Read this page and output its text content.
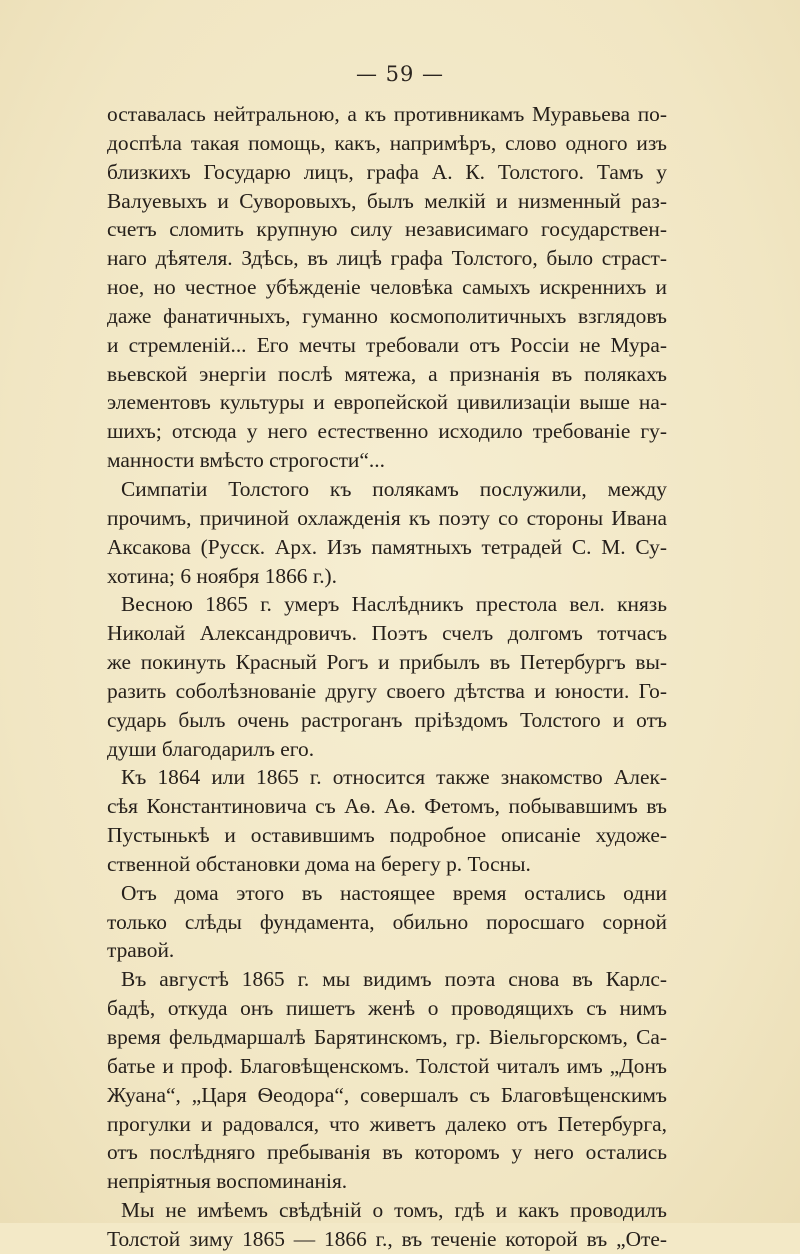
— 59 —
оставалась нейтральною, а къ противникамъ Муравьева по-
доспѣла такая помощь, какъ, напримѣръ, слово одного изъ
близкихъ Государю лицъ, графа А. К. Толстого. Тамъ у
Валуевыхъ и Суворовыхъ, былъ мелкій и низменный раз-
счетъ сломить крупную силу независимаго государствен-
наго дѣятеля. Здѣсь, въ лицѣ графа Толстого, было страст-
ное, но честное убѣжденіе человѣка самыхъ искреннихъ и
даже фанатичныхъ, гуманно космополитичныхъ взглядовъ
и стремленій... Его мечты требовали отъ Россіи не Мура-
вьевской энергіи послѣ мятежа, а признанія въ полякахъ
элементовъ культуры и европейской цивилизаціи выше на-
шихъ; отсюда у него естественно исходило требованіе гу-
манности вмѣсто строгости“...
Симпатіи Толстого къ полякамъ послужили, между
прочимъ, причиной охлажденія къ поэту со стороны Ивана
Аксакова (Русск. Арх. Изъ памятныхъ тетрадей С. М. Су-
хотина; 6 ноября 1866 г.).
Весною 1865 г. умеръ Наслѣдникъ престола вел. князь
Николай Александровичъ. Поэтъ счелъ долгомъ тотчасъ
же покинуть Красный Рогъ и прибылъ въ Петербургъ вы-
разить соболѣзнованіе другу своего дѣтства и юности. Го-
сударь былъ очень растроганъ пріѣздомъ Толстого и отъ
души благодарилъ его.
Къ 1864 или 1865 г. относится также знакомство Алек-
сѣя Константиновича съ Аѳ. Аѳ. Фетомъ, побывавшимъ въ
Пустынькѣ и оставившимъ подробное описаніе художе-
ственной обстановки дома на берегу р. Тосны.
Отъ дома этого въ настоящее время остались одни
только слѣды фундамента, обильно поросшаго сорной
травой.
Въ августѣ 1865 г. мы видимъ поэта снова въ Карлс-
бадѣ, откуда онъ пишетъ женѣ о проводящихъ съ нимъ
время фельдмаршалѣ Барятинскомъ, гр. Віельгорскомъ, Са-
батье и проф. Благовѣщенскомъ. Толстой читалъ имъ „Донъ
Жуана“, „Царя Ѳеодора“, совершалъ съ Благовѣщенскимъ
прогулки и радовался, что живетъ далеко отъ Петербурга,
отъ послѣдняго пребыванія въ которомъ у него остались
непріятныя воспоминанія.
Мы не имѣемъ свѣдѣній о томъ, гдѣ и какъ проводилъ
Толстой зиму 1865 — 1866 г., въ теченіе которой въ „Оте-
